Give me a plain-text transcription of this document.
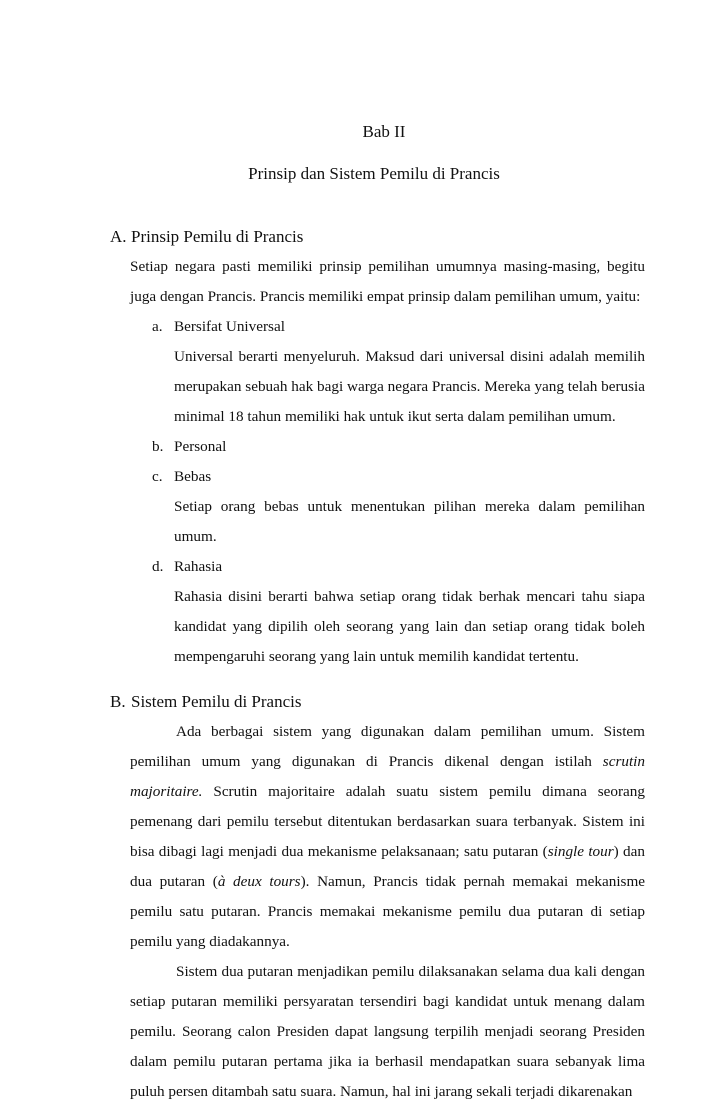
Bab II
Prinsip dan Sistem Pemilu di Prancis
A. Prinsip Pemilu di Prancis

Setiap negara pasti memiliki prinsip pemilihan umumnya masing-masing, begitu juga dengan Prancis. Prancis memiliki empat prinsip dalam pemilihan umum, yaitu:

a. Bersifat Universal

Universal berarti menyeluruh. Maksud dari universal disini adalah memilih merupakan sebuah hak bagi warga negara Prancis. Mereka yang telah berusia minimal 18 tahun memiliki hak untuk ikut serta dalam pemilihan umum.

b. Personal
c. Bebas

Setiap orang bebas untuk menentukan pilihan mereka dalam pemilihan umum.

d. Rahasia

Rahasia disini berarti bahwa setiap orang tidak berhak mencari tahu siapa kandidat yang dipilih oleh seorang yang lain dan setiap orang tidak boleh mempengaruhi seorang yang lain untuk memilih kandidat tertentu.

B. Sistem Pemilu di Prancis

Ada berbagai sistem yang digunakan dalam pemilihan umum. Sistem pemilihan umum yang digunakan di Prancis dikenal dengan istilah scrutin majoritaire. Scrutin majoritaire adalah suatu sistem pemilu dimana seorang pemenang dari pemilu tersebut ditentukan berdasarkan suara terbanyak. Sistem ini bisa dibagi lagi menjadi dua mekanisme pelaksanaan; satu putaran (single tour) dan dua putaran (à deux tours). Namun, Prancis tidak pernah memakai mekanisme pemilu satu putaran. Prancis memakai mekanisme pemilu dua putaran di setiap pemilu yang diadakannya.

Sistem dua putaran menjadikan pemilu dilaksanakan selama dua kali dengan setiap putaran memiliki persyaratan tersendiri bagi kandidat untuk menang dalam pemilu. Seorang calon Presiden dapat langsung terpilih menjadi seorang Presiden dalam pemilu putaran pertama jika ia berhasil mendapatkan suara sebanyak lima puluh persen ditambah satu suara. Namun, hal ini jarang sekali terjadi dikarenakan
